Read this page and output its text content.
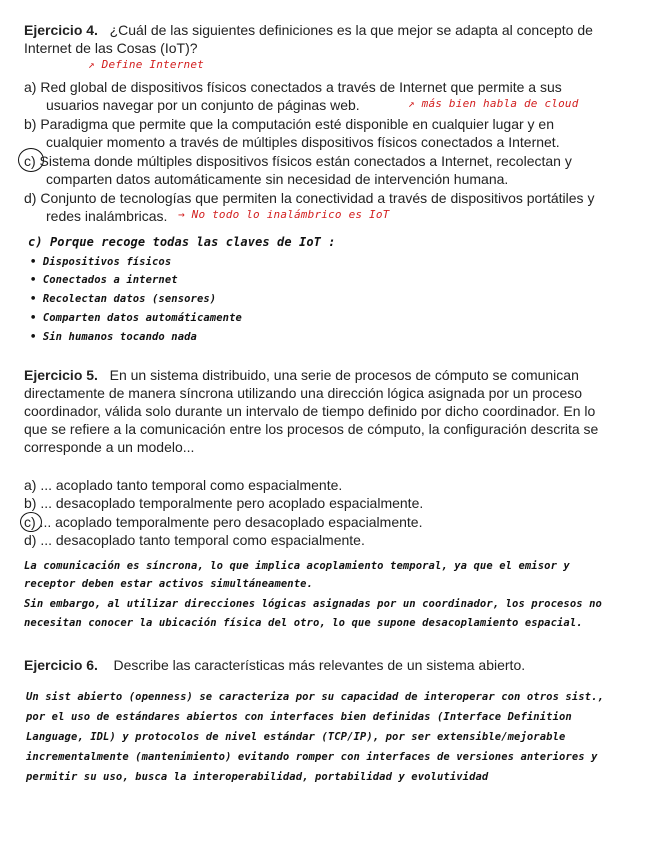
Ejercicio 4. ¿Cuál de las siguientes definiciones es la que mejor se adapta al concepto de
Internet de las Cosas (IoT)?
↗ Define Internet
a) Red global de dispositivos físicos conectados a través de Internet que permite a sus
usuarios navegar por un conjunto de páginas web.	↗ más bien habla de cloud
b) Paradigma que permite que la computación esté disponible en cualquier lugar y en
cualquier momento a través de múltiples dispositivos físicos conectados a Internet.
c) Sistema donde múltiples dispositivos físicos están conectados a Internet, recolectan y
comparten datos automáticamente sin necesidad de intervención humana.
d) Conjunto de tecnologías que permiten la conectividad a través de dispositivos portátiles y
redes inalámbricas. → No todo lo inalámbrico es IoT
c) Porque recoge todas las claves de IoT :
• Dispositivos físicos
• Conectados a internet
• Recolectan datos (sensores)
• Comparten datos automáticamente
• Sin humanos tocando nada
Ejercicio 5. En un sistema distribuido, una serie de procesos de cómputo se comunican
directamente de manera síncrona utilizando una dirección lógica asignada por un proceso
coordinador, válida solo durante un intervalo de tiempo definido por dicho coordinador. En lo
que se refiere a la comunicación entre los procesos de cómputo, la configuración descrita se
corresponde a un modelo...
a) ... acoplado tanto temporal como espacialmente.
b) ... desacoplado temporalmente pero acoplado espacialmente.
c) ... acoplado temporalmente pero desacoplado espacialmente.
d) ... desacoplado tanto temporal como espacialmente.
La comunicación es síncrona, lo que implica acoplamiento temporal, ya que el emisor y
receptor deben estar activos simultáneamente.
Sin embargo, al utilizar direcciones lógicas asignadas por un coordinador, los procesos no
necesitan conocer la ubicación física del otro, lo que supone desacoplamiento espacial.
Ejercicio 6. Describe las características más relevantes de un sistema abierto.
Un sist abierto (openness) se caracteriza por su capacidad de interoperar con otros sist.,
por el uso de estándares abiertos con interfaces bien definidas (Interface Definition
Language, IDL) y protocolos de nivel estándar (TCP/IP), por ser extensible/mejorable
incrementalmente (mantenimiento) evitando romper con interfaces de versiones anteriores y
permitir su uso, busca la interoperabilidad, portabilidad y evolutividad
